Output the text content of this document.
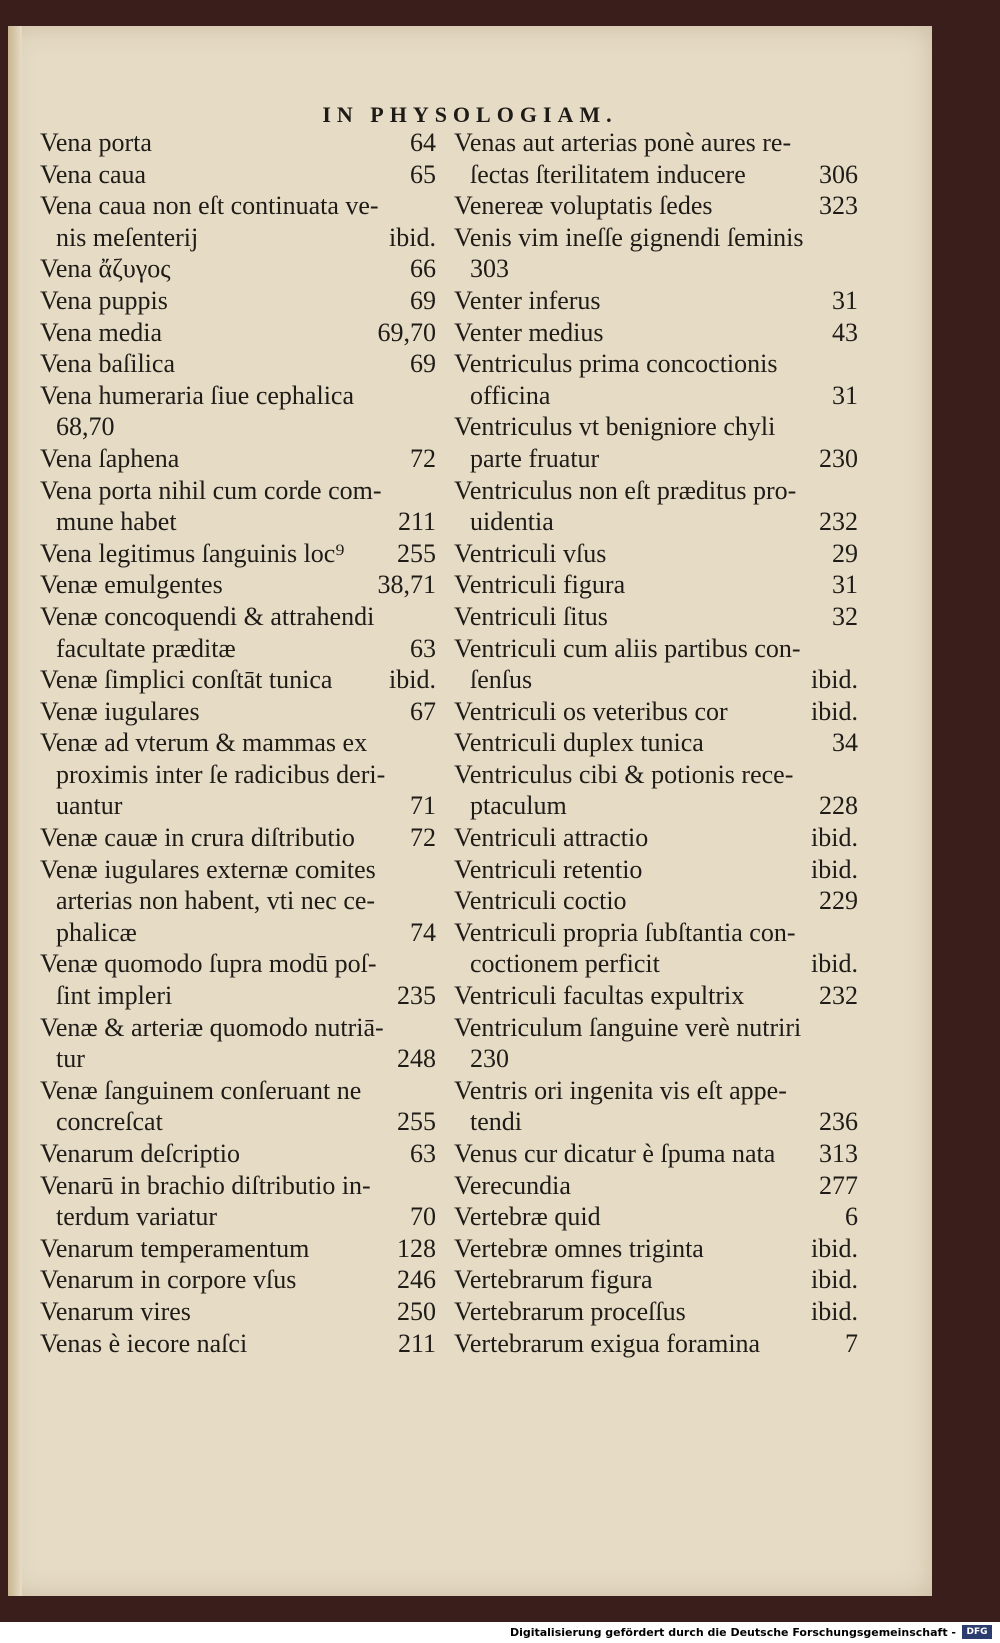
IN PHYSOLOGIAM.
64
Vena porta
65
Vena caua
Vena caua non eſt continuata ve-
ibid.
nis meſenterij
66
Vena ἄζυγος
69
Vena puppis
69,70
Vena media
69
Vena baſilica
Vena humeraria ſiue cephalica
68,70
72
Vena ſaphena
Vena porta nihil cum corde com-
211
mune habet
255
Vena legitimus ſanguinis loc⁹
38,71
Venæ emulgentes
Venæ concoquendi & attrahendi
63
facultate præditæ
ibid.
Venæ ſimplici conſtāt tunica
67
Venæ iugulares
Venæ ad vterum & mammas ex
proximis inter ſe radicibus deri-
71
uantur
72
Venæ cauæ in crura diſtributio
Venæ iugulares externæ comites
arterias non habent, vti nec ce-
74
phalicæ
Venæ quomodo ſupra modū poſ-
235
ſint impleri
Venæ & arteriæ quomodo nutriā-
248
tur
Venæ ſanguinem conſeruant ne
255
concreſcat
63
Venarum deſcriptio
Venarū in brachio diſtributio in-
70
terdum variatur
128
Venarum temperamentum
246
Venarum in corpore vſus
250
Venarum vires
211
Venas è iecore naſci
Venas aut arterias ponè aures re-
306
ſectas ſterilitatem inducere
323
Venereæ voluptatis ſedes
Venis vim ineſſe gignendi ſeminis
303
31
Venter inferus
43
Venter medius
Ventriculus prima concoctionis
31
officina
Ventriculus vt benigniore chyli
230
parte fruatur
Ventriculus non eſt præditus pro-
232
uidentia
29
Ventriculi vſus
31
Ventriculi figura
32
Ventriculi ſitus
Ventriculi cum aliis partibus con-
ibid.
ſenſus
ibid.
Ventriculi os veteribus cor
34
Ventriculi duplex tunica
Ventriculus cibi & potionis rece-
228
ptaculum
ibid.
Ventriculi attractio
ibid.
Ventriculi retentio
229
Ventriculi coctio
Ventriculi propria ſubſtantia con-
ibid.
coctionem perficit
232
Ventriculi facultas expultrix
Ventriculum ſanguine verè nutriri
230
Ventris ori ingenita vis eſt appe-
236
tendi
313
Venus cur dicatur è ſpuma nata
277
Verecundia
6
Vertebræ quid
ibid.
Vertebræ omnes triginta
ibid.
Vertebrarum figura
ibid.
Vertebrarum proceſſus
7
Vertebrarum exigua foramina
Digitalisierung gefördert durch die Deutsche Forschungsgemeinschaft -	DFG
